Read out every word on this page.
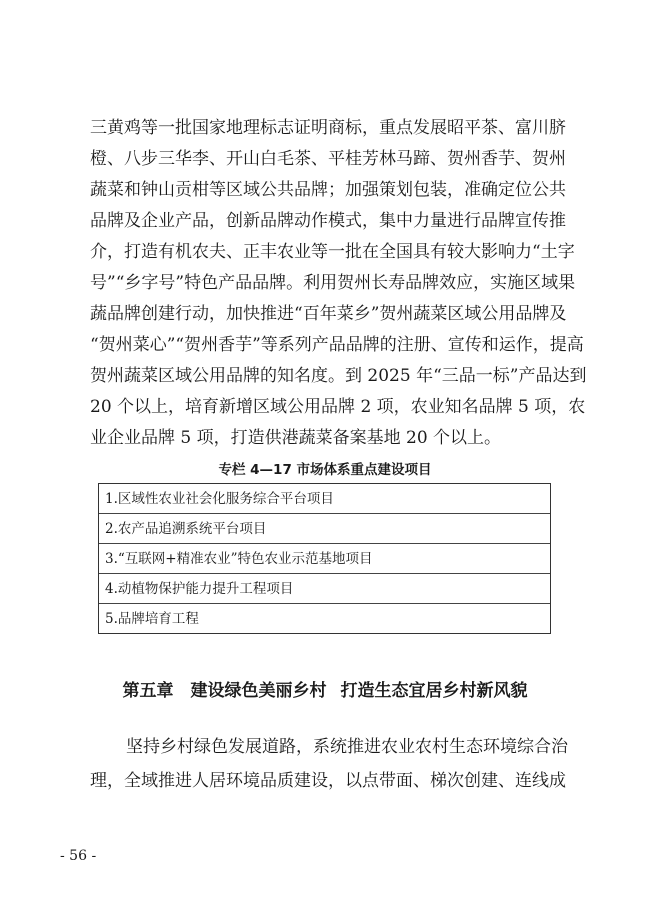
三黄鸡等一批国家地理标志证明商标，重点发展昭平茶、富川脐
橙、八步三华李、开山白毛茶、平桂芳林马蹄、贺州香芋、贺州
蔬菜和钟山贡柑等区域公共品牌；加强策划包装，准确定位公共
品牌及企业产品，创新品牌动作模式，集中力量进行品牌宣传推
介，打造有机农夫、正丰农业等一批在全国具有较大影响力“土字
号”“乡字号”特色产品品牌。利用贺州长寿品牌效应，实施区域果
蔬品牌创建行动，加快推进“百年菜乡”贺州蔬菜区域公用品牌及
“贺州菜心”“贺州香芋”等系列产品品牌的注册、宣传和运作，提高
贺州蔬菜区域公用品牌的知名度。到 2025 年“三品一标”产品达到
20 个以上，培育新增区域公用品牌 2 项，农业知名品牌 5 项，农
业企业品牌 5 项，打造供港蔬菜备案基地 20 个以上。
专栏 4—17 市场体系重点建设项目
1.区域性农业社会化服务综合平台项目
2.农产品追溯系统平台项目
3.“互联网+精准农业”特色农业示范基地项目
4.动植物保护能力提升工程项目
5.品牌培育工程
第五章　建设绿色美丽乡村 打造生态宜居乡村新风貌
坚持乡村绿色发展道路，系统推进农业农村生态环境综合治
理，全域推进人居环境品质建设，以点带面、梯次创建、连线成
- 56 -
